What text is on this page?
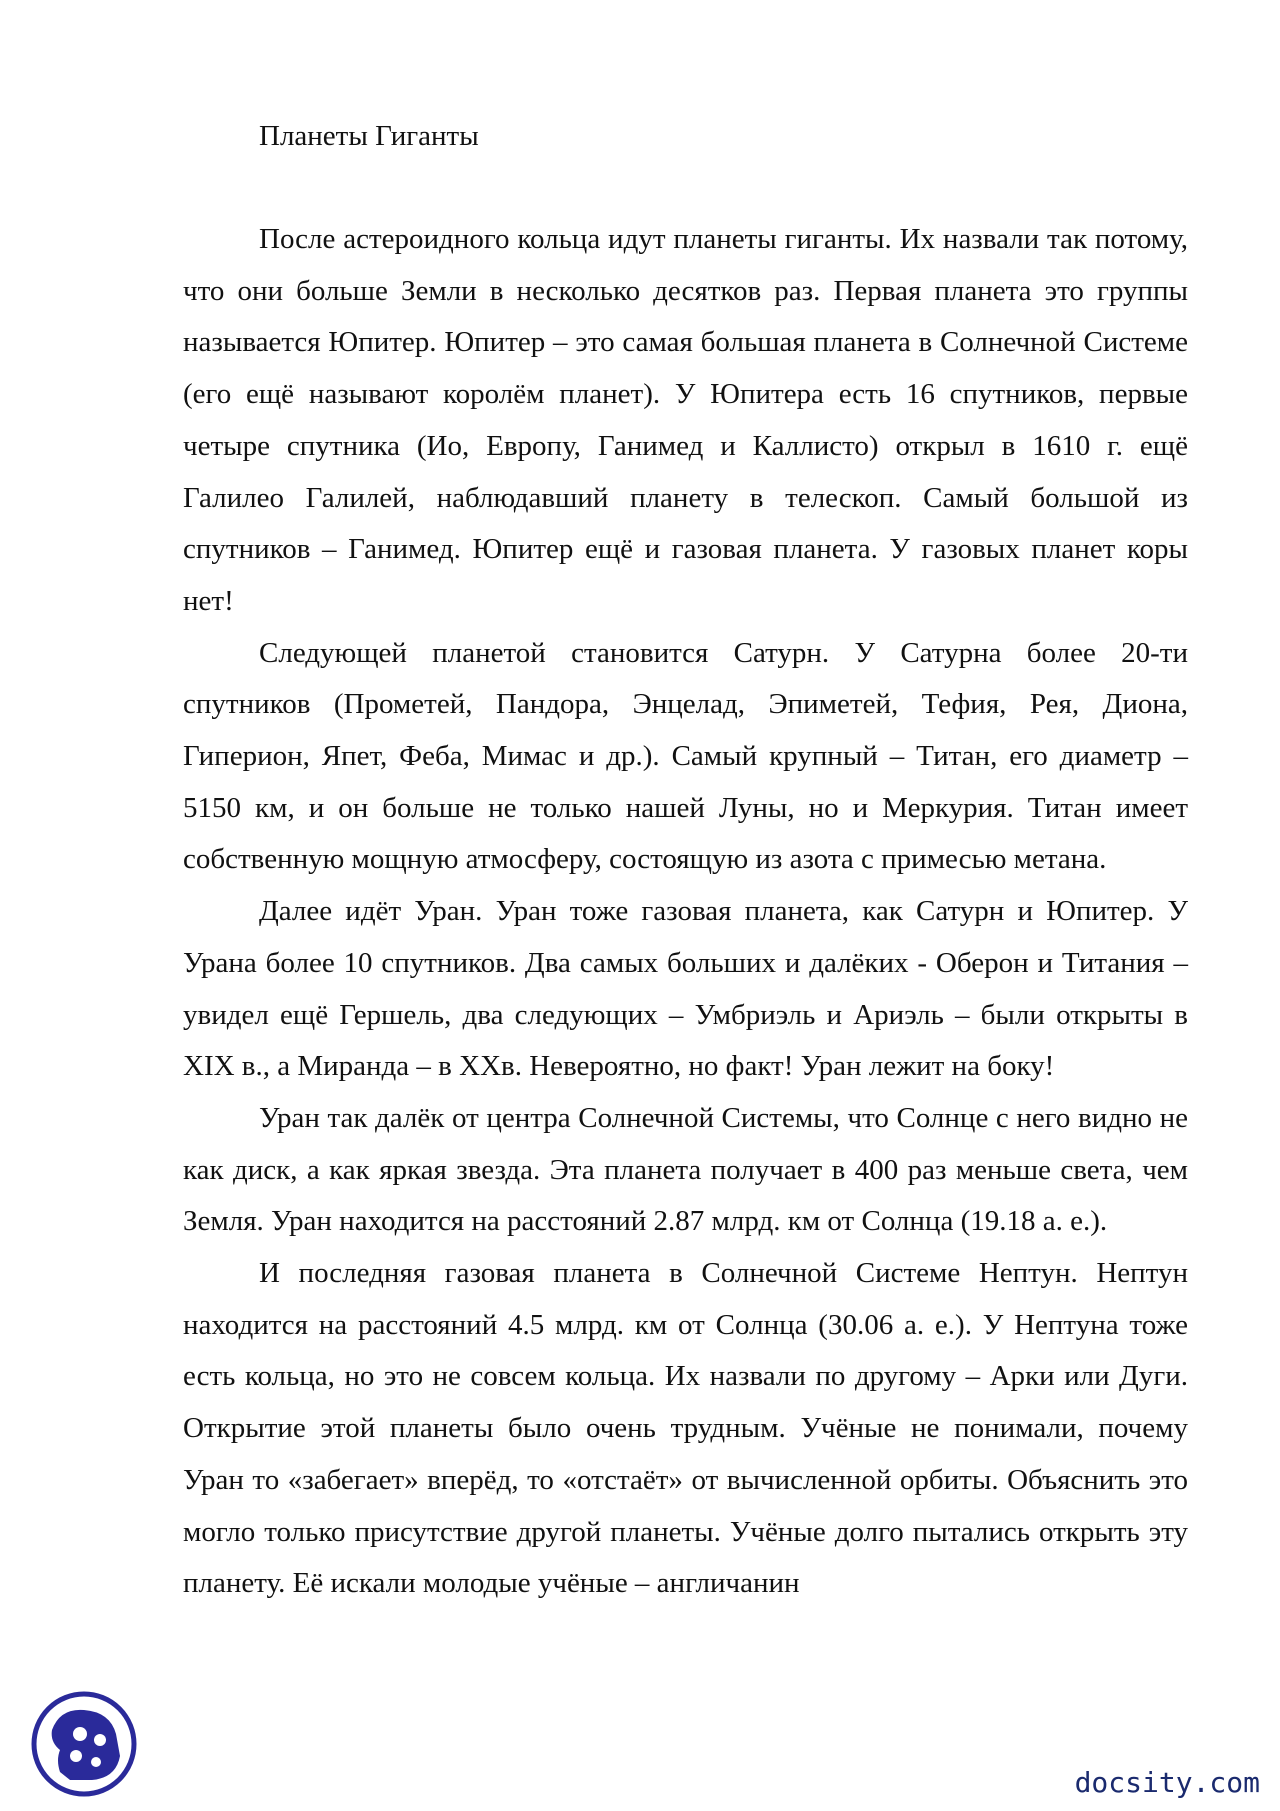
Планеты Гиганты

После астероидного кольца идут планеты гиганты. Их назвали так потому, что они больше Земли в несколько десятков раз. Первая планета это группы называется Юпитер. Юпитер – это самая большая планета в Солнечной Системе (его ещё называют королём планет). У Юпитера есть 16 спутников, первые четыре спутника (Ио, Европу, Ганимед и Каллисто) открыл в 1610 г. ещё Галилео Галилей, наблюдавший планету в телескоп. Самый большой из спутников – Ганимед. Юпитер ещё и газовая планета. У газовых планет коры нет!

Следующей планетой становится Сатурн. У Сатурна более 20-ти спутников (Прометей, Пандора, Энцелад, Эпиметей, Тефия, Рея, Диона, Гиперион, Япет, Феба, Мимас и др.). Самый крупный – Титан, его диаметр – 5150 км, и он больше не только нашей Луны, но и Меркурия. Титан имеет собственную мощную атмосферу, состоящую из азота с примесью метана.

Далее идёт Уран. Уран тоже газовая планета, как Сатурн и Юпитер. У Урана более 10 спутников. Два самых больших и далёких - Оберон и Титания – увидел ещё Гершель, два следующих – Умбриэль и Ариэль – были открыты в XIX в., а Миранда – в XXв. Невероятно, но факт! Уран лежит на боку!

Уран так далёк от центра Солнечной Системы, что Солнце с него видно не как диск, а как яркая звезда. Эта планета получает в 400 раз меньше света, чем Земля. Уран находится на расстояний 2.87 млрд. км от Солнца (19.18 а. е.).

И последняя газовая планета в Солнечной Системе Нептун. Нептун находится на расстояний 4.5 млрд. км от Солнца (30.06 а. е.). У Нептуна тоже есть кольца, но это не совсем кольца. Их назвали по другому – Арки или Дуги. Открытие этой планеты было очень трудным. Учёные не понимали, почему Уран то «забегает» вперёд, то «отстаёт» от вычисленной орбиты. Объяснить это могло только присутствие другой планеты. Учёные долго пытались открыть эту планету. Её искали молодые учёные – англичанин

docsity.com
